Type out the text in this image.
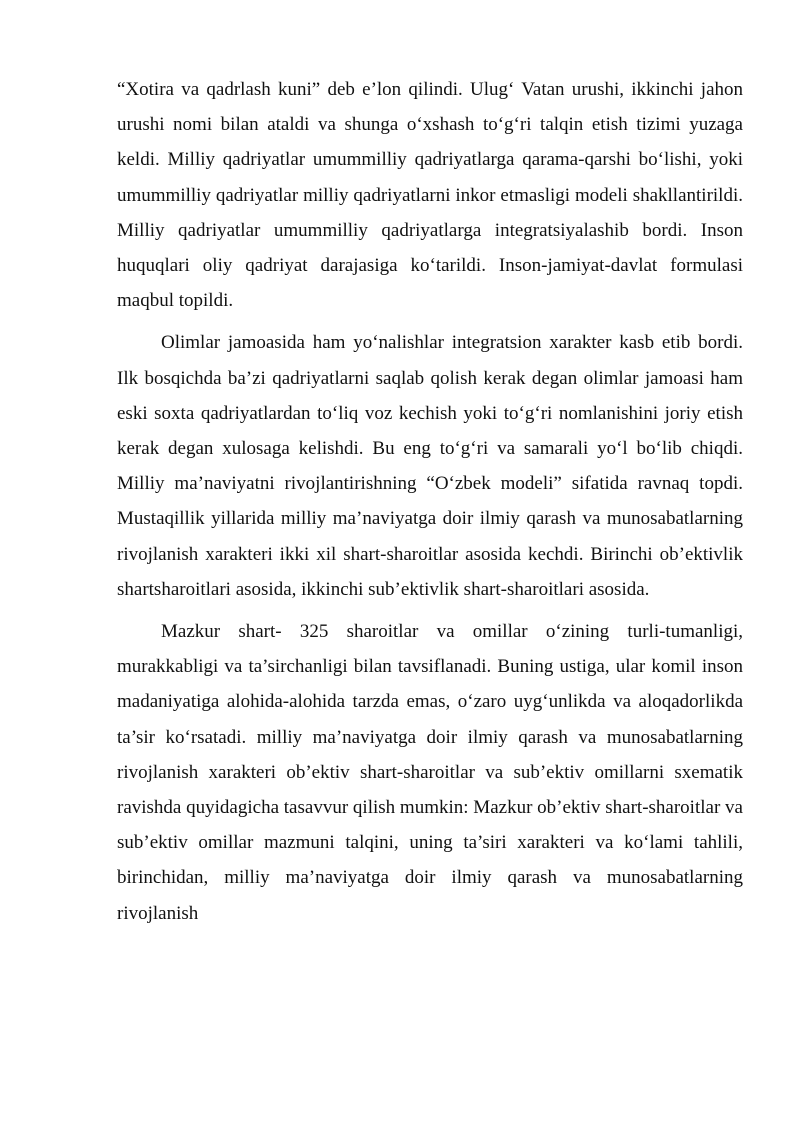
“Xotira va qadrlash kuni” deb e’lon qilindi. Ulug‘ Vatan urushi, ikkinchi jahon urushi nomi bilan ataldi va shunga o‘xshash to‘g‘ri talqin etish tizimi yuzaga keldi. Milliy qadriyatlar umummilliy qadriyatlarga qarama-qarshi bo‘lishi, yoki umummilliy qadriyatlar milliy qadriyatlarni inkor etmasligi modeli shakllantirildi. Milliy qadriyatlar umummilliy qadriyatlarga integratsiyalashib bordi. Inson huquqlari oliy qadriyat darajasiga ko‘tarildi. Inson-jamiyat-davlat formulasi maqbul topildi.

Olimlar jamoasida ham yo‘nalishlar integratsion xarakter kasb etib bordi. Ilk bosqichda ba’zi qadriyatlarni saqlab qolish kerak degan olimlar jamoasi ham eski soxta qadriyatlardan to‘liq voz kechish yoki to‘g‘ri nomlanishini joriy etish kerak degan xulosaga kelishdi. Bu eng to‘g‘ri va samarali yo‘l bo‘lib chiqdi. Milliy ma’naviyatni rivojlantirishning “O‘zbek modeli” sifatida ravnaq topdi. Mustaqillik yillarida milliy ma’naviyatga doir ilmiy qarash va munosabatlarning rivojlanish xarakteri ikki xil shart-sharoitlar asosida kechdi. Birinchi ob’ektivlik shartsharoitlari asosida, ikkinchi sub’ektivlik shart-sharoitlari asosida.

Mazkur shart- 325 sharoitlar va omillar o‘zining turli-tumanligi, murakkabligi va ta’sirchanligi bilan tavsiflanadi. Buning ustiga, ular komil inson madaniyatiga alohida-alohida tarzda emas, o‘zaro uyg‘unlikda va aloqadorlikda ta’sir ko‘rsatadi. milliy ma’naviyatga doir ilmiy qarash va munosabatlarning rivojlanish xarakteri ob’ektiv shart-sharoitlar va sub’ektiv omillarni sxematik ravishda quyidagicha tasavvur qilish mumkin: Mazkur ob’ektiv shart-sharoitlar va sub’ektiv omillar mazmuni talqini, uning ta’siri xarakteri va ko‘lami tahlili, birinchidan, milliy ma’naviyatga doir ilmiy qarash va munosabatlarning rivojlanish
